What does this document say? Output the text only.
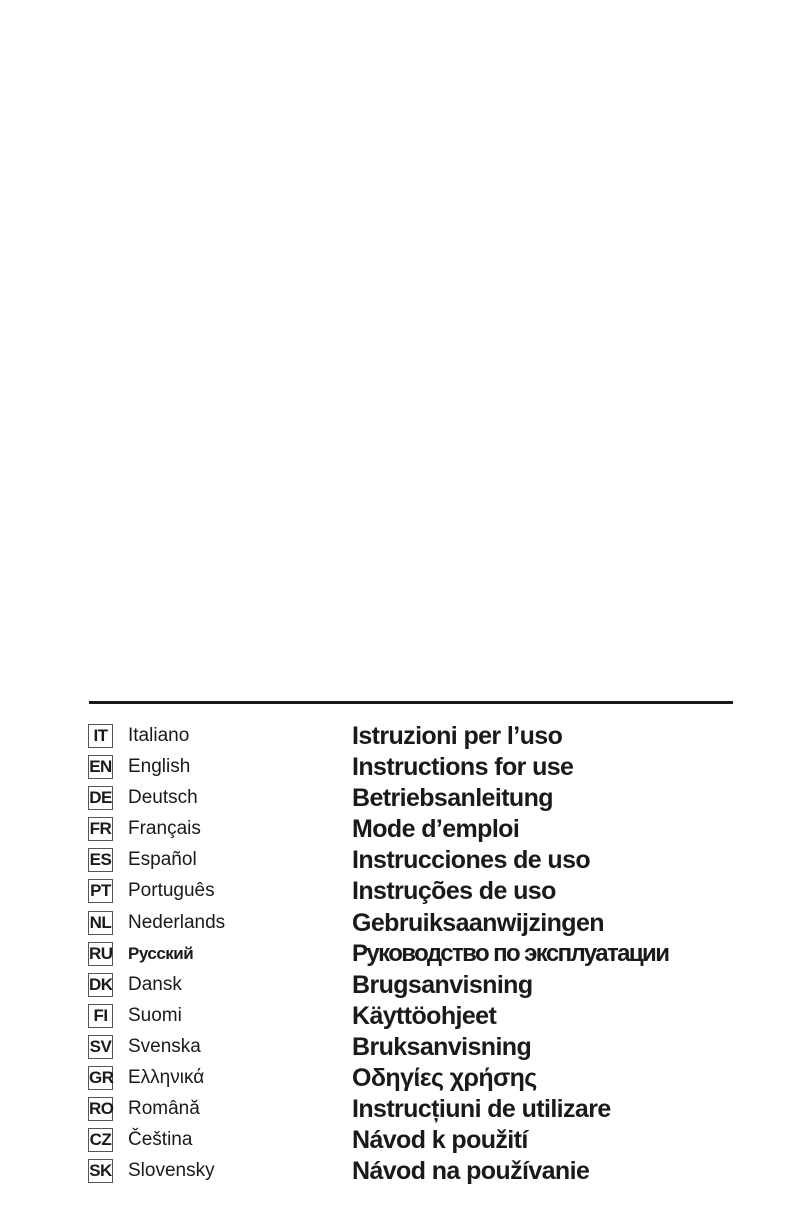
IT Italiano	Istruzioni per l’uso
EN English	Instructions for use
DE Deutsch	Betriebsanleitung
FR Français	Mode d’emploi
ES Español	Instrucciones de uso
PT Português	Instruções de uso
NL Nederlands	Gebruiksaanwijzingen
RU Русский	Руководство по эксплуатации
DK Dansk	Brugsanvisning
FI Suomi	Käyttöohjeet
SV Svenska	Bruksanvisning
GR Ελληνικά	Οδηγίες χρήσης
RO Română	Instrucțiuni de utilizare
CZ Čeština	Návod k použití
SK Slovensky	Návod na používanie
